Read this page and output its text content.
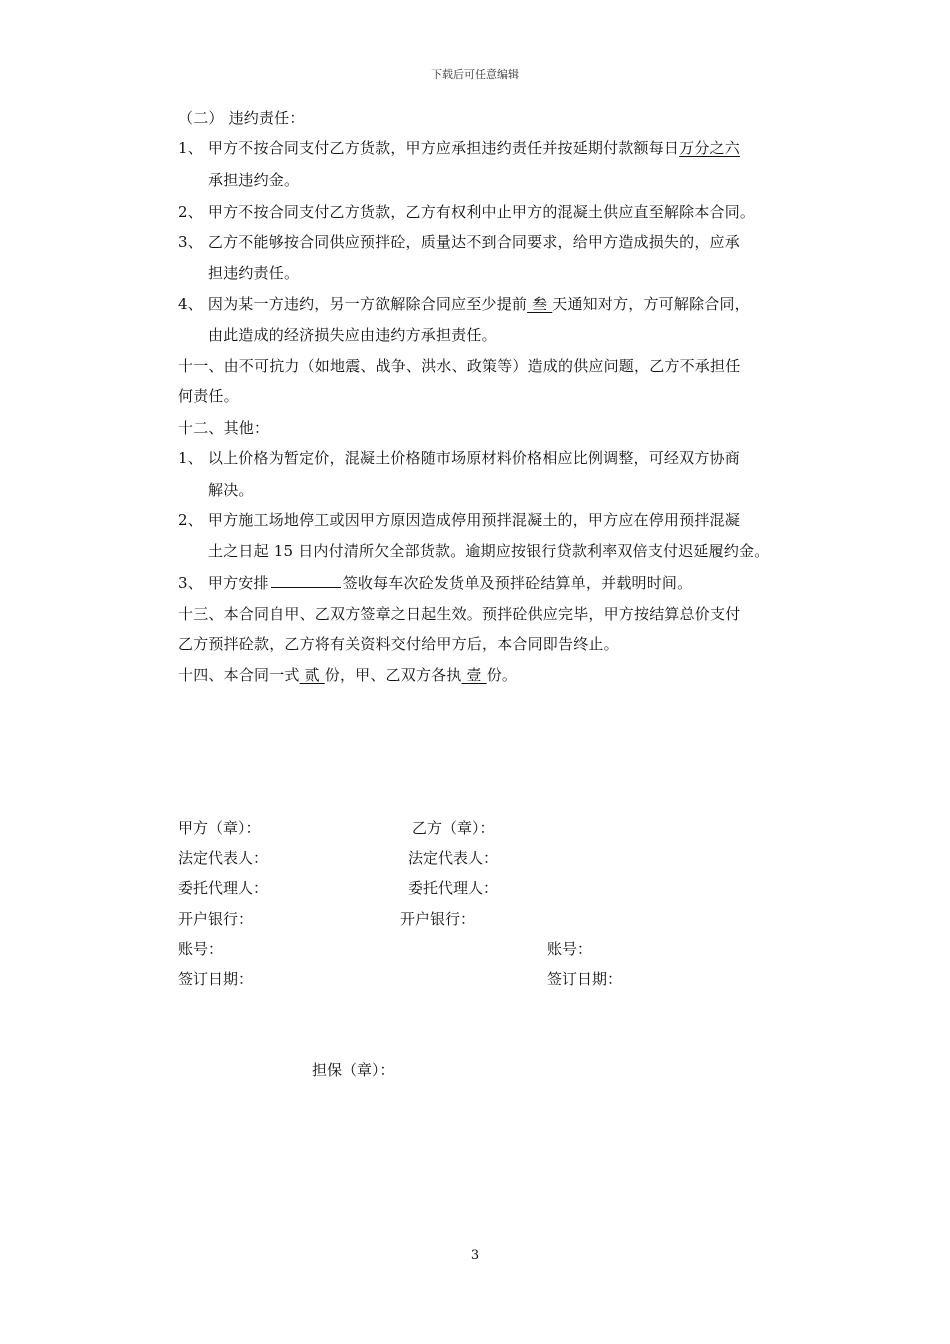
下载后可任意编辑
（二） 违约责任：
1、 甲方不按合同支付乙方货款，甲方应承担违约责任并按延期付款额每日万分之六
承担违约金。
2、 甲方不按合同支付乙方货款，乙方有权利中止甲方的混凝土供应直至解除本合同。
3、 乙方不能够按合同供应预拌砼，质量达不到合同要求，给甲方造成损失的，应承
担违约责任。
4、 因为某一方违约，另一方欲解除合同应至少提前 叁 天通知对方，方可解除合同，
由此造成的经济损失应由违约方承担责任。
十一、由不可抗力（如地震、战争、洪水、政策等）造成的供应问题，乙方不承担任
何责任。
十二、其他：
1、 以上价格为暂定价，混凝土价格随市场原材料价格相应比例调整，可经双方协商
解决。
2、 甲方施工场地停工或因甲方原因造成停用预拌混凝土的，甲方应在停用预拌混凝
土之日起 15 日内付清所欠全部货款。逾期应按银行贷款利率双倍支付迟延履约金。
3、 甲方安排	签收每车次砼发货单及预拌砼结算单，并载明时间。
十三、本合同自甲、乙双方签章之日起生效。预拌砼供应完毕，甲方按结算总价支付
乙方预拌砼款，乙方将有关资料交付给甲方后，本合同即告终止。
十四、本合同一式 贰 份，甲、乙双方各执 壹 份。
甲方（章）：	乙方（章）：
法定代表人：	法定代表人：
委托代理人：	委托代理人：
开户银行：	开户银行：
账号：	账号：
签订日期：	签订日期：
担保（章）：
3
